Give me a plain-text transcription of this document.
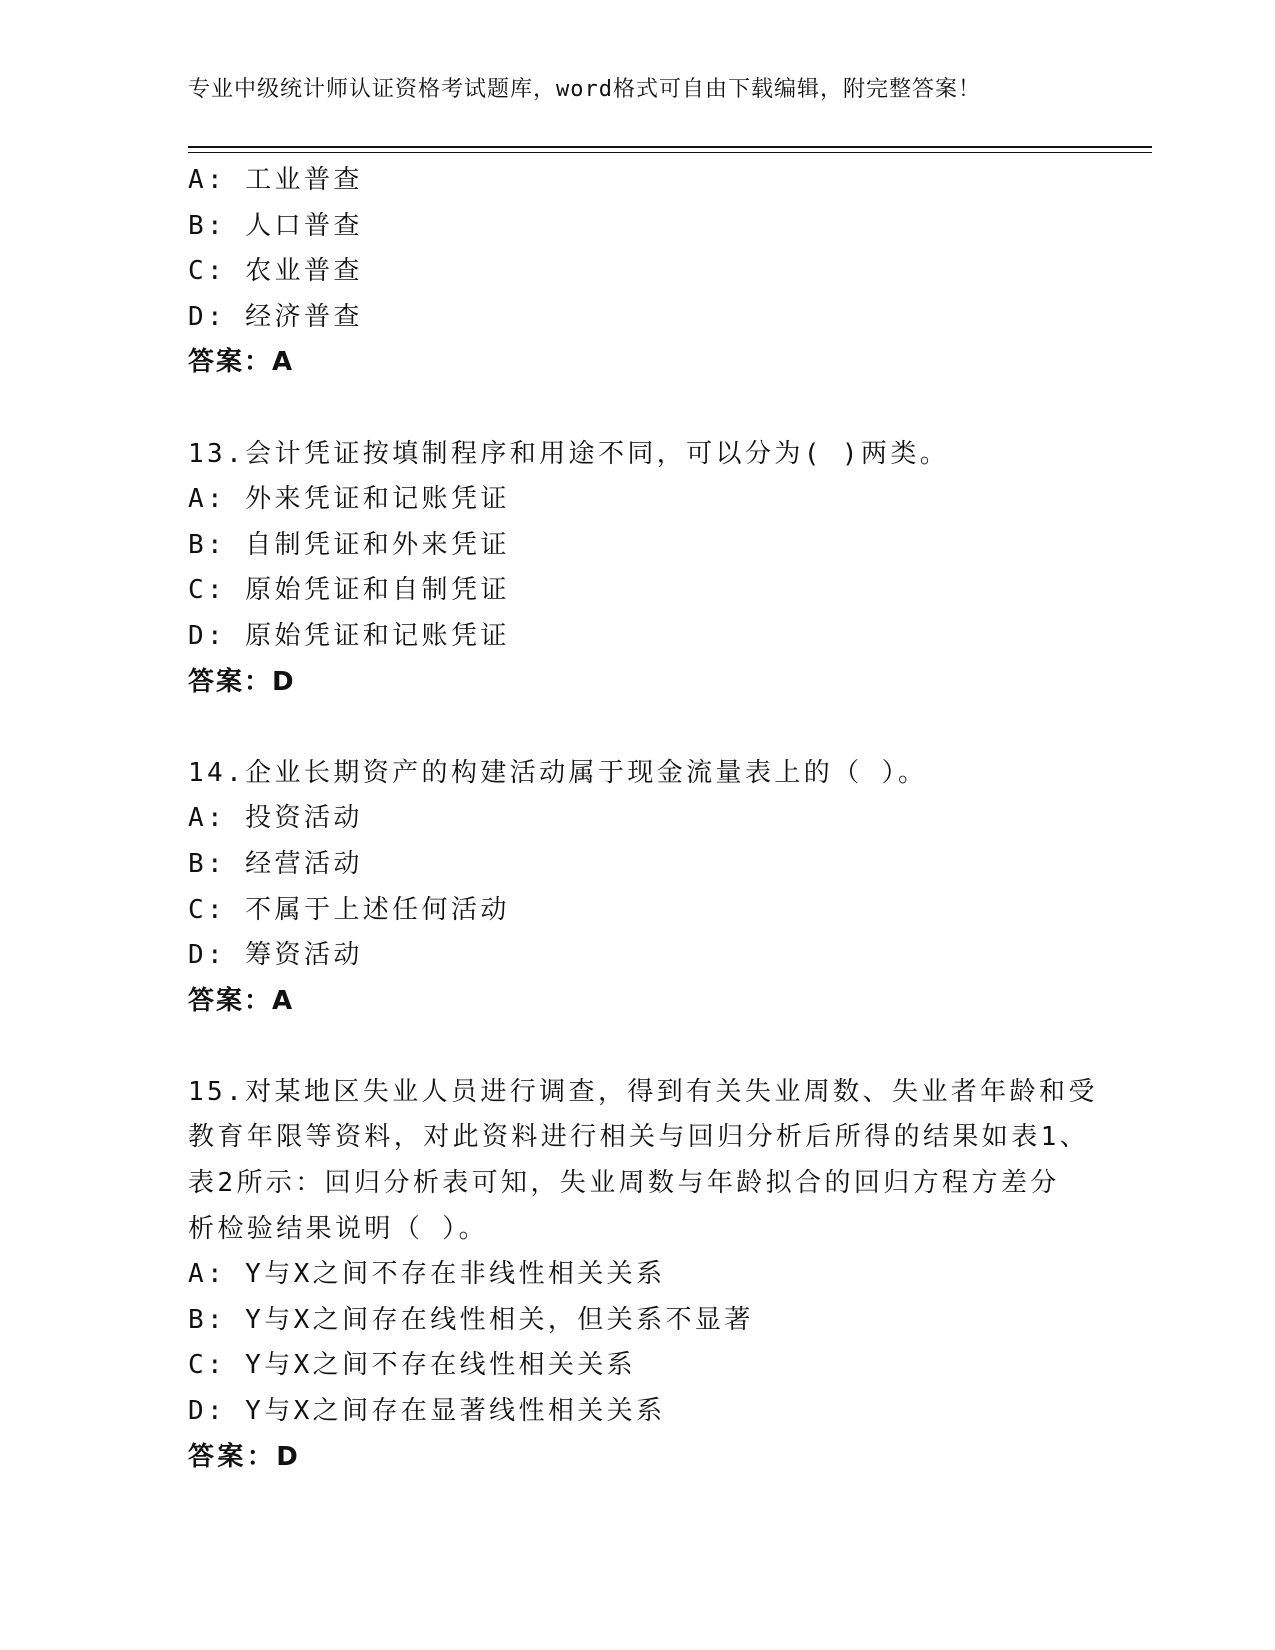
专业中级统计师认证资格考试题库，word格式可自由下载编辑，附完整答案！
A: 工业普查
B: 人口普查
C: 农业普查
D: 经济普查
答案：A
13.会计凭证按填制程序和用途不同，可以分为( )两类。
A: 外来凭证和记账凭证
B: 自制凭证和外来凭证
C: 原始凭证和自制凭证
D: 原始凭证和记账凭证
答案：D
14.企业长期资产的构建活动属于现金流量表上的（ ）。
A: 投资活动
B: 经营活动
C: 不属于上述任何活动
D: 筹资活动
答案：A
15.对某地区失业人员进行调查，得到有关失业周数、失业者年龄和受
教育年限等资料，对此资料进行相关与回归分析后所得的结果如表1、
表2所示：回归分析表可知，失业周数与年龄拟合的回归方程方差分
析检验结果说明（ ）。
A: Y与X之间不存在非线性相关关系
B: Y与X之间存在线性相关，但关系不显著
C: Y与X之间不存在线性相关关系
D: Y与X之间存在显著线性相关关系
答案：D
